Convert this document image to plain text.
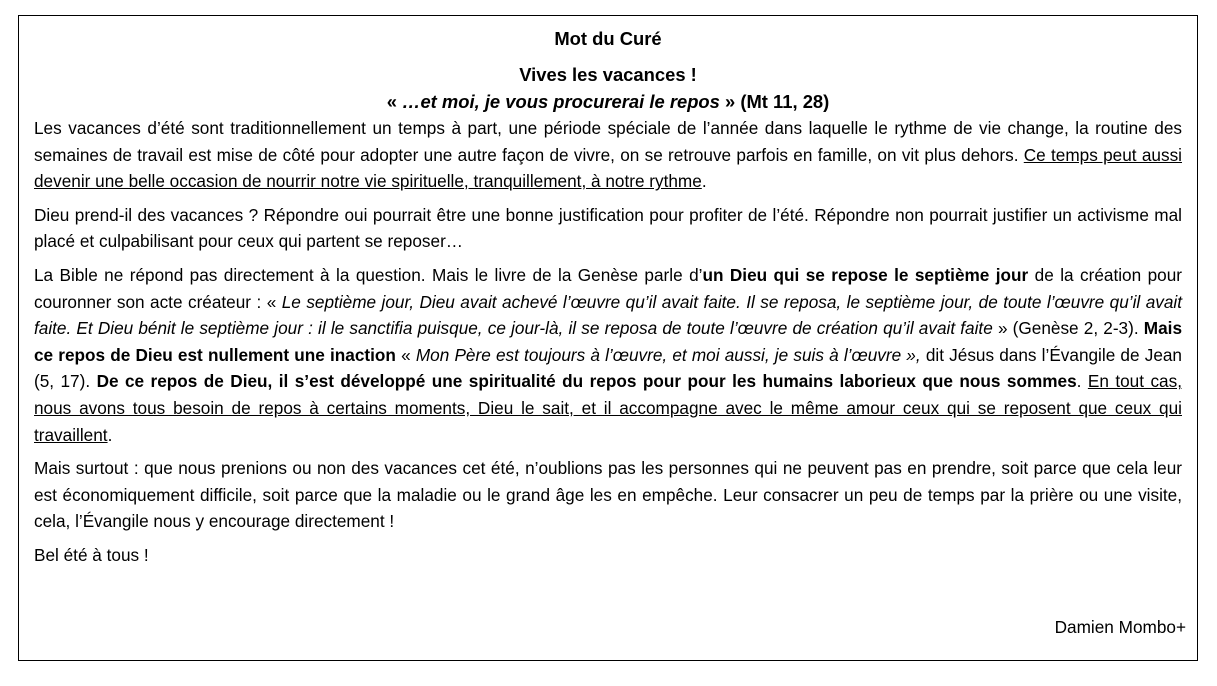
Mot du Curé
Vives les vacances !
« …et moi, je vous procurerai le repos » (Mt 11, 28)

Les vacances d’été sont traditionnellement un temps à part, une période spéciale de l’année dans laquelle le rythme de vie change, la routine des semaines de travail est mise de côté pour adopter une autre façon de vivre, on se retrouve parfois en famille, on vit plus dehors. Ce temps peut aussi devenir une belle occasion de nourrir notre vie spirituelle, tranquillement, à notre rythme.

Dieu prend-il des vacances ? Répondre oui pourrait être une bonne justification pour profiter de l’été. Répondre non pourrait justifier un activisme mal placé et culpabilisant pour ceux qui partent se reposer…

La Bible ne répond pas directement à la question. Mais le livre de la Genèse parle d’un Dieu qui se repose le septième jour de la création pour couronner son acte créateur : « Le septième jour, Dieu avait achevé l’œuvre qu’il avait faite. Il se reposa, le septième jour, de toute l’œuvre qu’il avait faite. Et Dieu bénit le septième jour : il le sanctifia puisque, ce jour-là, il se reposa de toute l’œuvre de création qu’il avait faite » (Genèse 2, 2-3). Mais ce repos de Dieu est nullement une inaction « Mon Père est toujours à l’œuvre, et moi aussi, je suis à l’œuvre », dit Jésus dans l’Évangile de Jean (5, 17). De ce repos de Dieu, il s’est développé une spiritualité du repos pour pour les humains laborieux que nous sommes. En tout cas, nous avons tous besoin de repos à certains moments, Dieu le sait, et il accompagne avec le même amour ceux qui se reposent que ceux qui travaillent.

Mais surtout : que nous prenions ou non des vacances cet été, n’oublions pas les personnes qui ne peuvent pas en prendre, soit parce que cela leur est économiquement difficile, soit parce que la maladie ou le grand âge les en empêche. Leur consacrer un peu de temps par la prière ou une visite, cela, l’Évangile nous y encourage directement !

Bel été à tous !

Damien Mombo+
